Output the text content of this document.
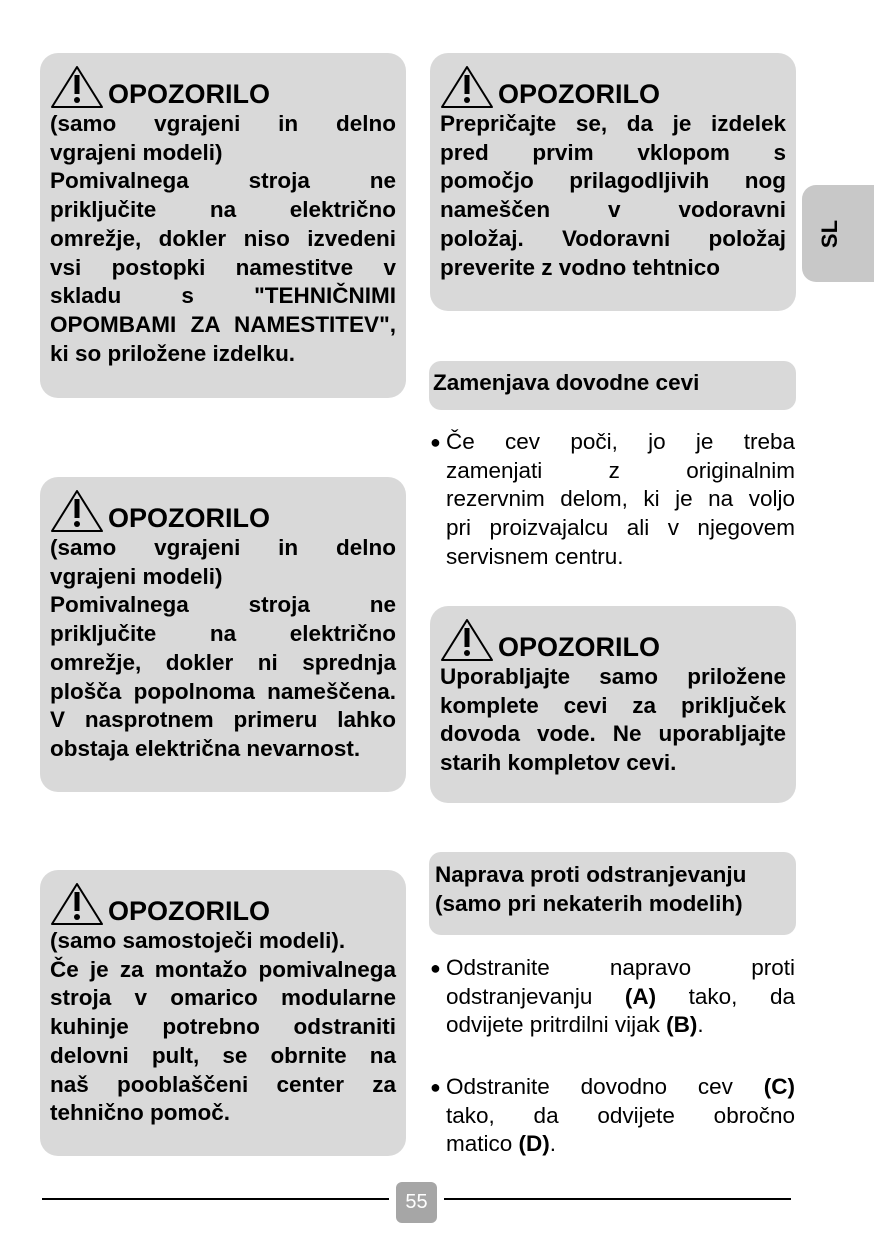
OPOZORILO
(samo vgrajeni in delno
vgrajeni modeli)
Pomivalnega stroja ne
priključite na električno
omrežje, dokler niso izvedeni
vsi postopki namestitve v
skladu s "TEHNIČNIMI
OPOMBAMI ZA NAMESTITEV",
ki so priložene izdelku.
OPOZORILO
(samo vgrajeni in delno
vgrajeni modeli)
Pomivalnega stroja ne
priključite na električno
omrežje, dokler ni sprednja
plošča popolnoma nameščena.
V nasprotnem primeru lahko
obstaja električna nevarnost.
OPOZORILO
(samo samostoječi modeli).
Če je za montažo pomivalnega
stroja v omarico modularne
kuhinje potrebno odstraniti
delovni pult, se obrnite na
naš pooblaščeni center za
tehnično pomoč.
OPOZORILO
Prepričajte se, da je izdelek
pred prvim vklopom s
pomočjo prilagodljivih nog
nameščen v vodoravni
položaj. Vodoravni položaj
preverite z vodno tehtnico
Zamenjava dovodne cevi
● Če cev poči, jo je treba
zamenjati z originalnim
rezervnim delom, ki je na voljo
pri proizvajalcu ali v njegovem
servisnem centru.
OPOZORILO
Uporabljajte samo priložene
komplete cevi za priključek
dovoda vode. Ne uporabljajte
starih kompletov cevi.
Naprava proti odstranjevanju
(samo pri nekaterih modelih)
● Odstranite napravo proti
odstranjevanju (A) tako, da
odvijete pritrdilni vijak (B).
● Odstranite dovodno cev (C)
tako, da odvijete obročno
matico (D).
SL
55
